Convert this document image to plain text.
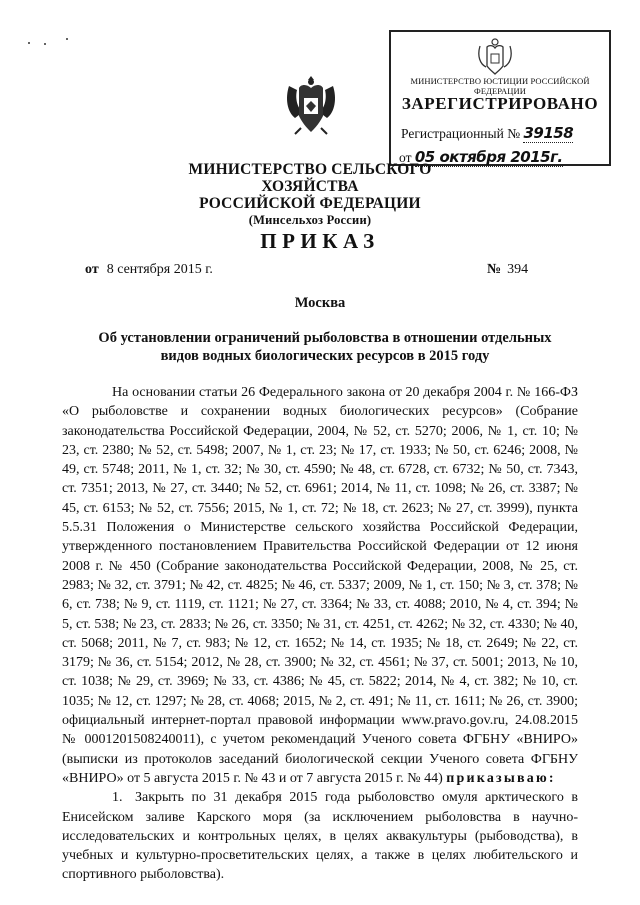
МИНИСТЕРСТВО ЮСТИЦИИ РОССИЙСКОЙ ФЕДЕРАЦИИ
ЗАРЕГИСТРИРОВАНО
Регистрационный № 39158
от 05 октября 2015г.
МИНИСТЕРСТВО СЕЛЬСКОГО ХОЗЯЙСТВА
РОССИЙСКОЙ ФЕДЕРАЦИИ
(Минсельхоз России)
ПРИКАЗ
от 8 сентября 2015 г.	№ 394
Москва
Об установлении ограничений рыболовства в отношении отдельных
видов водных биологических ресурсов в 2015 году

На основании статьи 26 Федерального закона от 20 декабря 2004 г. № 166-ФЗ «О рыболовстве и сохранении водных биологических ресурсов» (Собрание законодательства Российской Федерации, 2004, № 52, ст. 5270; 2006, № 1, ст. 10; № 23, ст. 2380; № 52, ст. 5498; 2007, № 1, ст. 23; № 17, ст. 1933; № 50, ст. 6246; 2008, № 49, ст. 5748; 2011, № 1, ст. 32; № 30, ст. 4590; № 48, ст. 6728, ст. 6732; № 50, ст. 7343, ст. 7351; 2013, № 27, ст. 3440; № 52, ст. 6961; 2014, № 11, ст. 1098; № 26, ст. 3387; № 45, ст. 6153; № 52, ст. 7556; 2015, № 1, ст. 72; № 18, ст. 2623; № 27, ст. 3999), пункта 5.5.31 Положения о Министерстве сельского хозяйства Российской Федерации, утвержденного постановлением Правительства Российской Федерации от 12 июня 2008 г. № 450 (Собрание законодательства Российской Федерации, 2008, № 25, ст. 2983; № 32, ст. 3791; № 42, ст. 4825; № 46, ст. 5337; 2009, № 1, ст. 150; № 3, ст. 378; № 6, ст. 738; № 9, ст. 1119, ст. 1121; № 27, ст. 3364; № 33, ст. 4088; 2010, № 4, ст. 394; № 5, ст. 538; № 23, ст. 2833; № 26, ст. 3350; № 31, ст. 4251, ст. 4262; № 32, ст. 4330; № 40, ст. 5068; 2011, № 7, ст. 983; № 12, ст. 1652; № 14, ст. 1935; № 18, ст. 2649; № 22, ст. 3179; № 36, ст. 5154; 2012, № 28, ст. 3900; № 32, ст. 4561; № 37, ст. 5001; 2013, № 10, ст. 1038; № 29, ст. 3969; № 33, ст. 4386; № 45, ст. 5822; 2014, № 4, ст. 382; № 10, ст. 1035; № 12, ст. 1297; № 28, ст. 4068; 2015, № 2, ст. 491; № 11, ст. 1611; № 26, ст. 3900; официальный интернет-портал правовой информации www.pravo.gov.ru, 24.08.2015 № 0001201508240011), с учетом рекомендаций Ученого совета ФГБНУ «ВНИРО» (выписки из протоколов заседаний биологической секции Ученого совета ФГБНУ «ВНИРО» от 5 августа 2015 г. № 43 и от 7 августа 2015 г. № 44) приказываю:

1. Закрыть по 31 декабря 2015 года рыболовство омуля арктического в Енисейском заливе Карского моря (за исключением рыболовства в научно-исследовательских и контрольных целях, в целях аквакультуры (рыбоводства), в учебных и культурно-просветительских целях, а также в целях любительского и спортивного рыболовства).
